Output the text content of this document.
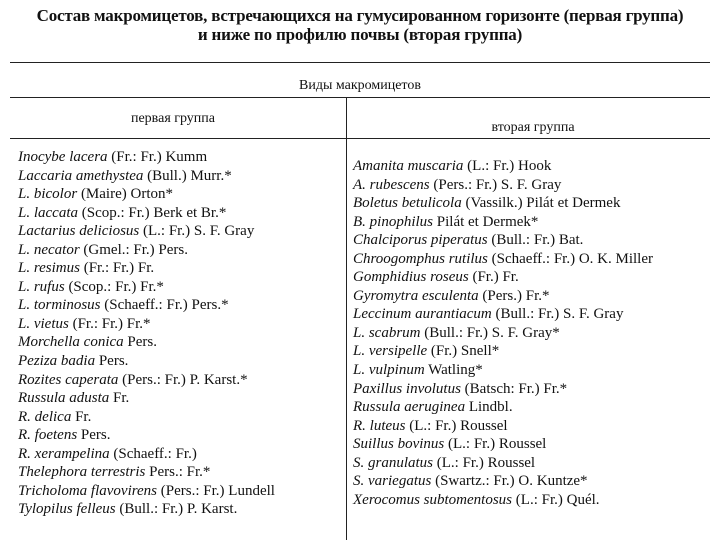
Состав макромицетов, встречающихся на гумусированном горизонте (первая группа)
и ниже по профилю почвы (вторая группа)
Виды макромицетов
первая группа
вторая группа
Inocybe lacera (Fr.: Fr.) Kumm
Laccaria amethystea (Bull.) Murr.*
L. bicolor (Maire) Orton*
L. laccata (Scop.: Fr.) Berk et Br.*
Lactarius deliciosus (L.: Fr.) S. F. Gray
L. necator (Gmel.: Fr.) Pers.
L. resimus (Fr.: Fr.) Fr.
L. rufus (Scop.: Fr.) Fr.*
L. torminosus (Schaeff.: Fr.) Pers.*
L. vietus (Fr.: Fr.) Fr.*
Morchella conica Pers.
Peziza badia Pers.
Rozites caperata (Pers.: Fr.) P. Karst.*
Russula adusta Fr.
R. delica Fr.
R. foetens Pers.
R. xerampelina (Schaeff.: Fr.)
Thelephora terrestris Pers.: Fr.*
Tricholoma flavovirens (Pers.: Fr.) Lundell
Tylopilus felleus (Bull.: Fr.) P. Karst.
Amanita muscaria (L.: Fr.) Hook
A. rubescens (Pers.: Fr.) S. F. Gray
Boletus betulicola (Vassilk.) Pilát et Dermek
B. pinophilus Pilát et Dermek*
Chalciporus piperatus (Bull.: Fr.) Bat.
Chroogomphus rutilus (Schaeff.: Fr.) O. K. Miller
Gomphidius roseus (Fr.) Fr.
Gyromytra esculenta (Pers.) Fr.*
Leccinum aurantiacum (Bull.: Fr.) S. F. Gray
L. scabrum (Bull.: Fr.) S. F. Gray*
L. versipelle (Fr.) Snell*
L. vulpinum Watling*
Paxillus involutus (Batsch: Fr.) Fr.*
Russula aeruginea Lindbl.
R. luteus (L.: Fr.) Roussel
Suillus bovinus (L.: Fr.) Roussel
S. granulatus (L.: Fr.) Roussel
S. variegatus (Swartz.: Fr.) O. Kuntze*
Xerocomus subtomentosus (L.: Fr.) Quél.
